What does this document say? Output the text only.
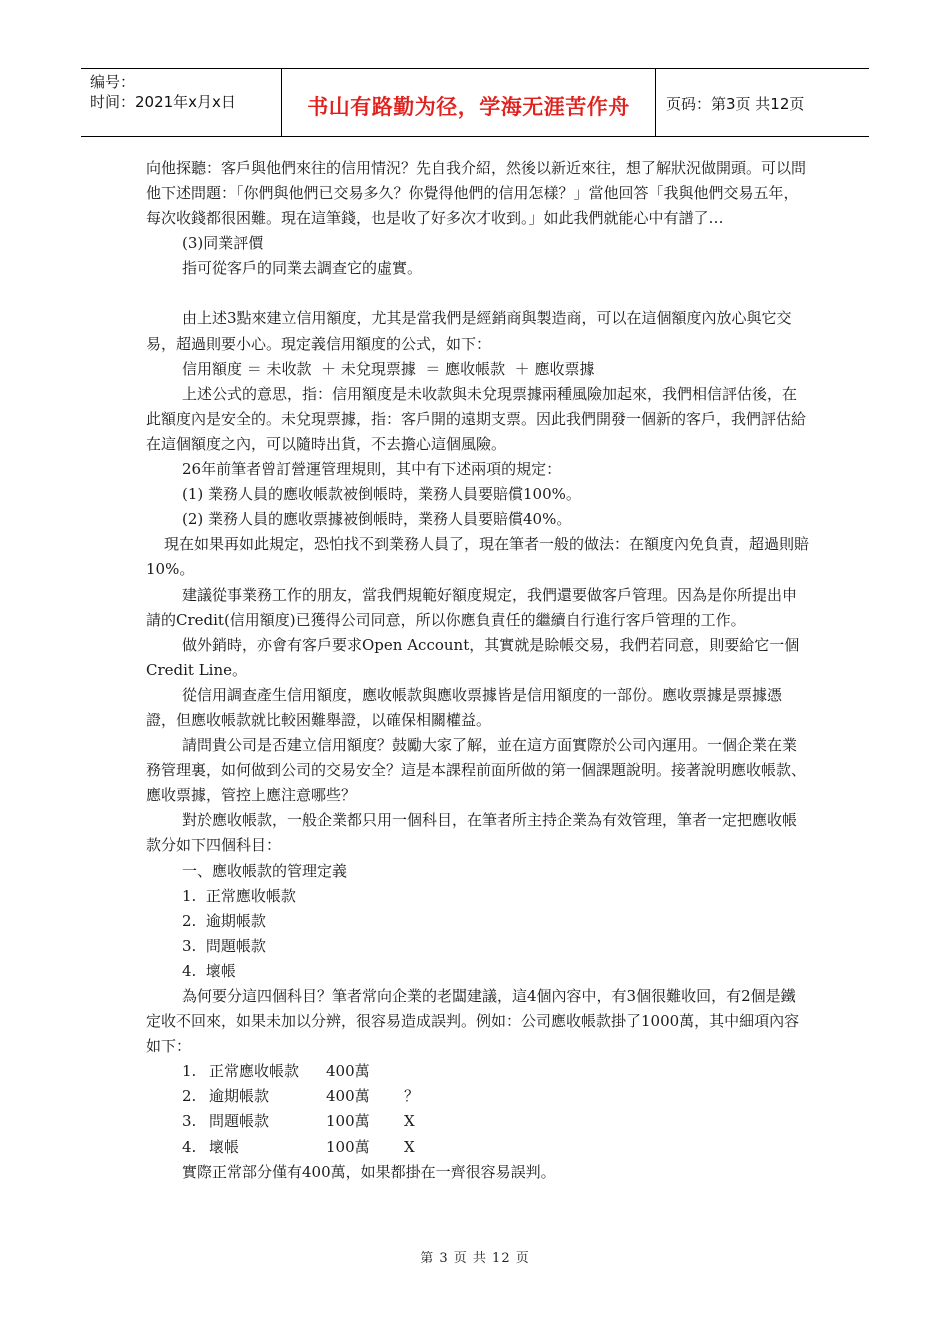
编号：
时间：2021年x月x日	书山有路勤为径，学海无涯苦作舟	页码：第3页 共12页

向他探聽：客戶與他們來往的信用情況？先自我介紹，然後以新近來往，想了解狀況做開頭。可以問他下述問題：「你們與他們已交易多久？你覺得他們的信用怎樣？」當他回答「我與他們交易五年，每次收錢都很困難。現在這筆錢，也是收了好多次才收到。」如此我們就能心中有譜了…

(3)同業評價

指可從客戶的同業去調查它的虛實。

由上述3點來建立信用額度，尤其是當我們是經銷商與製造商，可以在這個額度內放心與它交易，超過則要小心。現定義信用額度的公式，如下：

信用額度 ＝ 未收款  ＋ 未兌現票據  ＝ 應收帳款  ＋ 應收票據

上述公式的意思，指：信用額度是未收款與未兌現票據兩種風險加起來，我們相信評估後，在此額度內是安全的。未兌現票據，指：客戶開的遠期支票。因此我們開發一個新的客戶，我們評估給在這個額度之內，可以隨時出貨，不去擔心這個風險。

26年前筆者曾訂營運管理規則，其中有下述兩項的規定：

(1) 業務人員的應收帳款被倒帳時，業務人員要賠償100%。

(2) 業務人員的應收票據被倒帳時，業務人員要賠償40%。

現在如果再如此規定，恐怕找不到業務人員了，現在筆者一般的做法：在額度內免負責，超過則賠10%。

建議從事業務工作的朋友，當我們規範好額度規定，我們還要做客戶管理。因為是你所提出申請的Credit(信用額度)已獲得公司同意，所以你應負責任的繼續自行進行客戶管理的工作。

做外銷時，亦會有客戶要求Open Account，其實就是賒帳交易，我們若同意，則要給它一個Credit Line。

從信用調查產生信用額度，應收帳款與應收票據皆是信用額度的一部份。應收票據是票據憑證，但應收帳款就比較困難舉證，以確保相關權益。

請問貴公司是否建立信用額度？鼓勵大家了解，並在這方面實際於公司內運用。一個企業在業務管理裏，如何做到公司的交易安全？這是本課程前面所做的第一個課題說明。接著說明應收帳款、應收票據，管控上應注意哪些？

對於應收帳款，一般企業都只用一個科目，在筆者所主持企業為有效管理，筆者一定把應收帳款分如下四個科目：

一、應收帳款的管理定義

1.  正常應收帳款

2.  逾期帳款

3.  問題帳款

4.  壞帳

為何要分這四個科目？筆者常向企業的老闆建議，這4個內容中，有3個很難收回，有2個是鐵定收不回來，如果未加以分辨，很容易造成誤判。例如：公司應收帳款掛了1000萬，其中細項內容如下：

1. 正常應收帳款	400萬
2. 逾期帳款	400萬	？
3. 問題帳款	100萬	X
4. 壞帳	100萬	X

實際正常部分僅有400萬，如果都掛在一齊很容易誤判。

第 3 页 共 12 页
